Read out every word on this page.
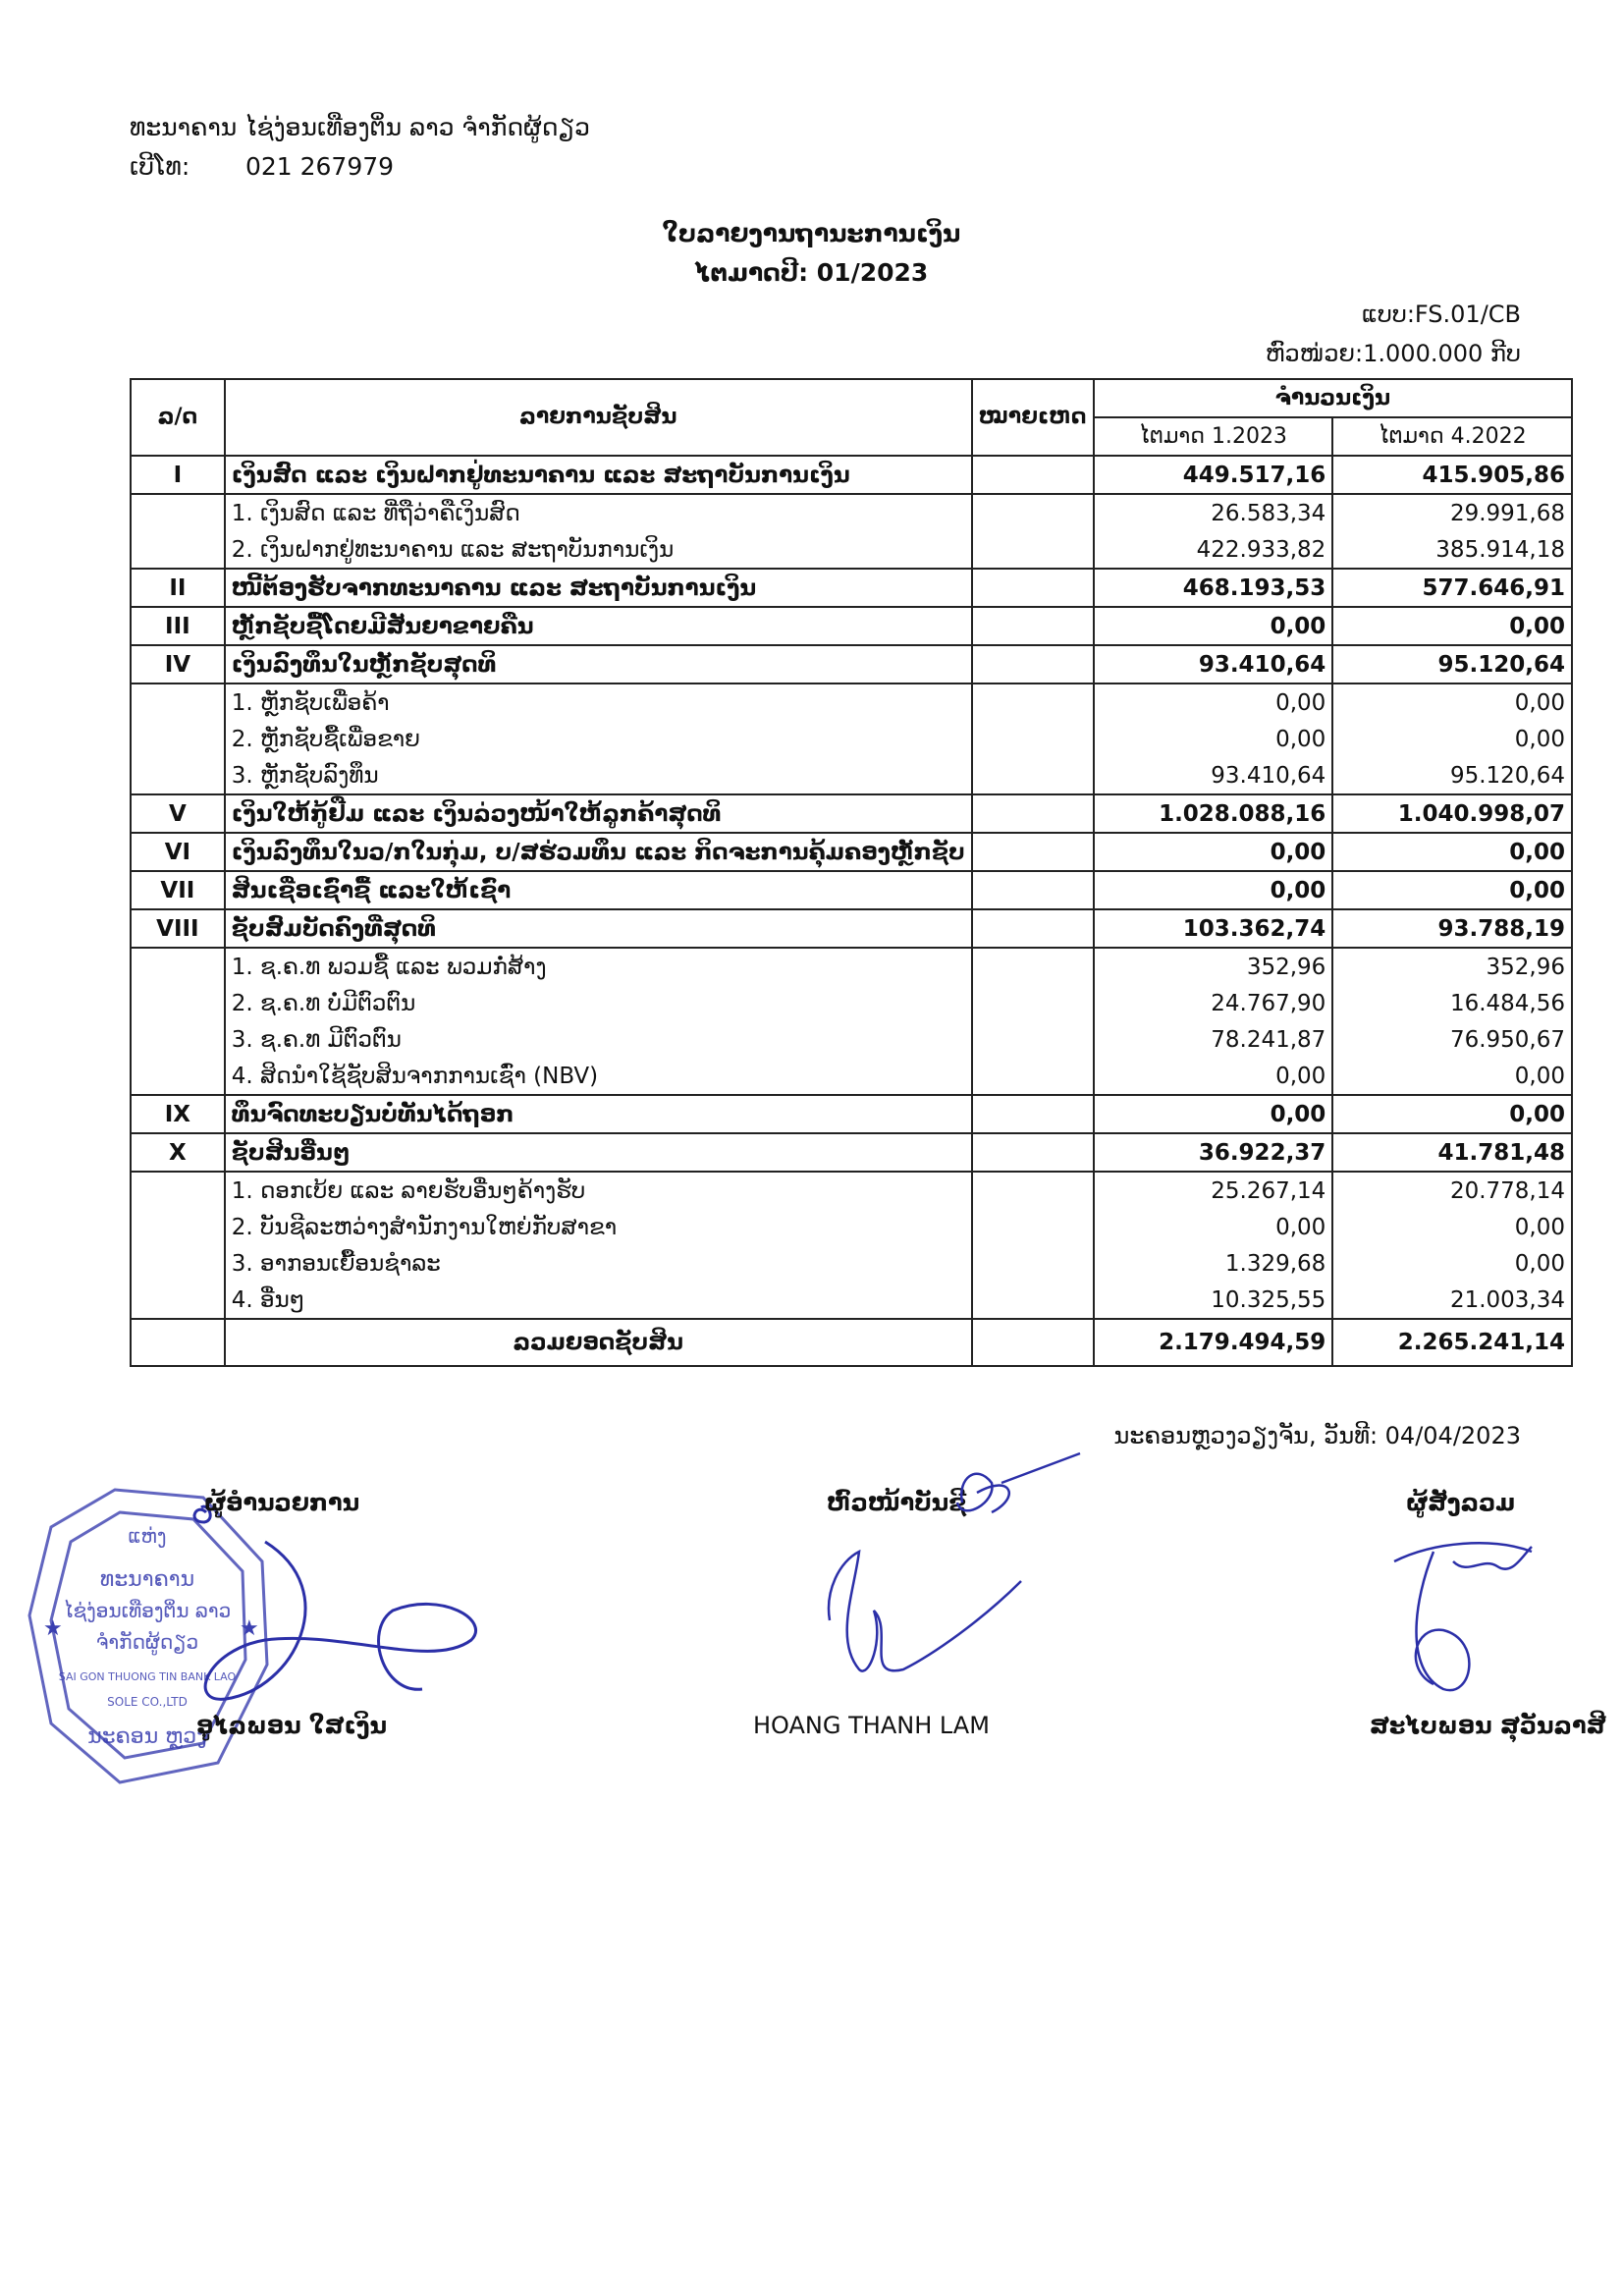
ທະນາຄານ ໄຊ່ງ່ອນເທືອງຕິ່ນ ລາວ ຈຳກັດຜູ້ດຽວ
ເບີໂທ: 021 267979
ໃບລາຍງານຖານະການເງິນ
ໄຕມາດປີ: 01/2023
ແບບ:FS.01/CB
ຫົວໜ່ວຍ:1.000.000 ກີບ
ລ/ດ	ລາຍການຊັບສິນ	ໝາຍເຫດ	ຈຳນວນເງິນ	
			ໄຕມາດ 1.2023	ໄຕມາດ 4.2022
I	ເງິນສົດ ແລະ ເງິນຝາກຢູ່ທະນາຄານ ແລະ ສະຖາບັນການເງິນ		449.517,16	415.905,86
	1. ເງິນສົດ ແລະ ທີ່ຖືວ່າຄືເງິນສົດ		26.583,34	29.991,68
	2. ເງິນຝາກຢູ່ທະນາຄານ ແລະ ສະຖາບັນການເງິນ		422.933,82	385.914,18
II	ໜີ້ຕ້ອງຮັບຈາກທະນາຄານ ແລະ ສະຖາບັນການເງິນ		468.193,53	577.646,91
III	ຫຼັກຊັບຊື້ໂດຍມີສັນຍາຂາຍຄືນ		0,00	0,00
IV	ເງິນລົງທຶນໃນຫຼັກຊັບສຸດທິ		93.410,64	95.120,64
	1. ຫຼັກຊັບເພື່ອຄ້າ		0,00	0,00
	2. ຫຼັກຊັບຊື້ເພື່ອຂາຍ		0,00	0,00
	3. ຫຼັກຊັບລົງທຶນ		93.410,64	95.120,64
V	ເງິນໃຫ້ກູ້ຢືມ ແລະ ເງິນລ່ວງໜ້າໃຫ້ລູກຄ້າສຸດທິ		1.028.088,16	1.040.998,07
VI	ເງິນລົງທຶນໃນວ/ກໃນກຸ່ມ, ບ/ສຮ່ວມທຶນ ແລະ ກິດຈະການຄຸ້ມຄອງຫຼັກຊັບ		0,00	0,00
VII	ສິນເຊື່ອເຊົ່າຊື້ ແລະໃຫ້ເຊົ່າ		0,00	0,00
VIII	ຊັບສົມບັດຄົງທີ່ສຸດທິ		103.362,74	93.788,19
	1. ຊ.ຄ.ທ ພວມຊື້ ແລະ ພວມກໍ່ສ້າງ		352,96	352,96
	2. ຊ.ຄ.ທ ບໍ່ມີຕົວຕົນ		24.767,90	16.484,56
	3. ຊ.ຄ.ທ ມີຕົວຕົນ		78.241,87	76.950,67
	4. ສິດນຳໃຊ້ຊັບສິນຈາກການເຊົ່າ (NBV)		0,00	0,00
IX	ທຶນຈົດທະບຽນບໍ່ທັນໄດ້ຖອກ		0,00	0,00
X	ຊັບສິນອື່ນໆ		36.922,37	41.781,48
	1. ດອກເບ້ຍ ແລະ ລາຍຮັບອື່ນໆຄ້າງຮັບ		25.267,14	20.778,14
	2. ບັນຊີລະຫວ່າງສຳນັກງານໃຫຍ່ກັບສາຂາ		0,00	0,00
	3. ອາກອນເຍື້ອນຊຳລະ		1.329,68	0,00
	4. ອື່ນໆ		10.325,55	21.003,34
	ລວມຍອດຊັບສິນ		2.179.494,59	2.265.241,14
ນະຄອນຫຼວງວຽງຈັນ, ວັນທີ: 04/04/2023
ທະນາຄານ
ໄຊ່ງ່ອນເທືອງຕິ່ນ ລາວ
ຈຳກັດຜູ້ດຽວ
SAI GON THUONG TIN BANK LAO
SOLE CO.,LTD
ແຫ່ງ
ນະຄອນ ຫຼວງ
★	★
ຜູ້ອຳນວຍການ
ອູໄລພອນ ໃສເງິນ
ຫົວໜ້າບັນຊີ
HOANG THANH LAM
ຜູ້ສັງລວມ
ສະໄບພອນ ສຸວັນລາສີ
